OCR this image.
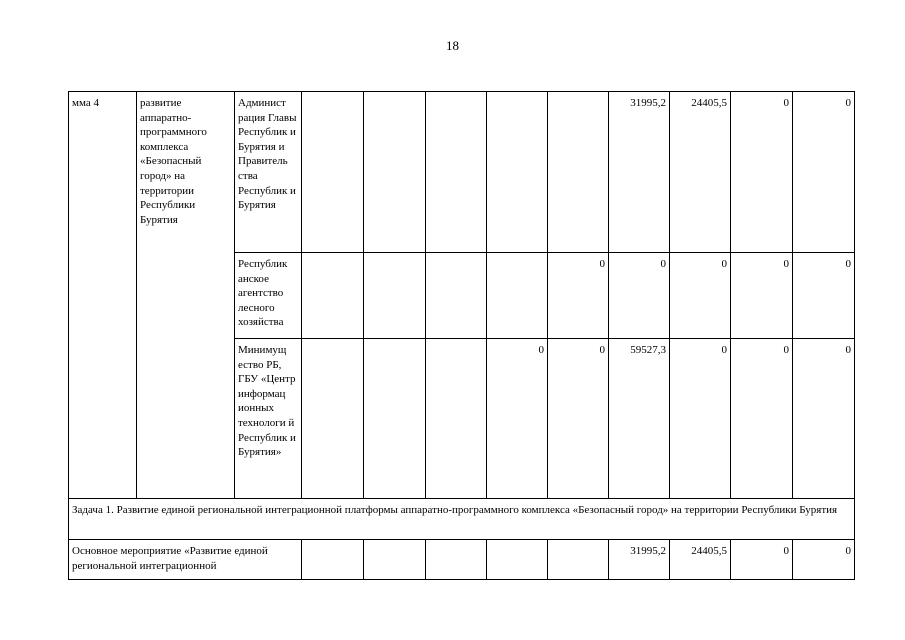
18
мма 4	развитие аппаратно-программного комплекса «Безопасный город» на территории Республики Бурятия	Админист рация Главы Республик и Бурятия и Правитель ства Республик и Бурятия						31995,2	24405,5	0	0
		Республик анское агентство лесного хозяйства					0	0	0	0	0
		Минимущ ество РБ, ГБУ «Центр информац ионных технологи й Республик и Бурятия»				0	0	59527,3	0	0	0
Задача 1. Развитие единой региональной интеграционной платформы аппаратно-программного комплекса «Безопасный город» на территории Республики Бурятия											
Основное мероприятие «Развитие единой региональной интеграционной								31995,2	24405,5	0	0
